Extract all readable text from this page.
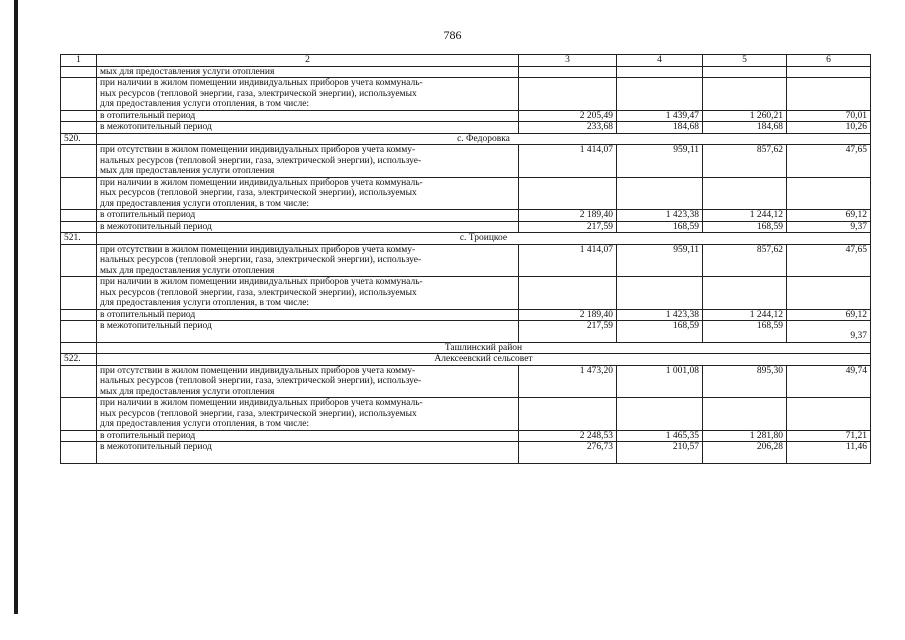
786
1	2	3	4	5	6
	мых для предоставления услуги отопления				

	при наличии в жилом помещении индивидуальных приборов учета коммуналь-
ных ресурсов (тепловой энергии, газа, электрической энергии), используемых
для предоставления услуги отопления, в том числе:				

	в отопительный период	2 205,49	1 439,47	1 260,21	70,01
	в межотопительный период	233,68	184,68	184,68	10,26
520.	с. Федоровка				

	при отсутствии в жилом помещении индивидуальных приборов учета комму-
нальных ресурсов (тепловой энергии, газа, электрической энергии), используе-
мых для предоставления услуги отопления	1 414,07	959,11	857,62	47,65

	при наличии в жилом помещении индивидуальных приборов учета коммуналь-
ных ресурсов (тепловой энергии, газа, электрической энергии), используемых
для предоставления услуги отопления, в том числе:				

	в отопительный период	2 189,40	1 423,38	1 244,12	69,12
	в межотопительный период	217,59	168,59	168,59	9,37
521.	с. Троицкое				

	при отсутствии в жилом помещении индивидуальных приборов учета комму-
нальных ресурсов (тепловой энергии, газа, электрической энергии), используе-
мых для предоставления услуги отопления	1 414,07	959,11	857,62	47,65

	при наличии в жилом помещении индивидуальных приборов учета коммуналь-
ных ресурсов (тепловой энергии, газа, электрической энергии), используемых
для предоставления услуги отопления, в том числе:				

	в отопительный период	2 189,40	1 423,38	1 244,12	69,12

	в межотопительный период	217,59	168,59	168,59	9,37
	Ташлинский район				
522.	Алексеевский сельсовет				

	при отсутствии в жилом помещении индивидуальных приборов учета комму-
нальных ресурсов (тепловой энергии, газа, электрической энергии), используе-
мых для предоставления услуги отопления	1 473,20	1 001,08	895,30	49,74

	при наличии в жилом помещении индивидуальных приборов учета коммуналь-
ных ресурсов (тепловой энергии, газа, электрической энергии), используемых
для предоставления услуги отопления, в том числе:				

	в отопительный период	2 248,53	1 465,35	1 281,80	71,21

	в межотопительный период	276,73	210,57	206,28	11,46
